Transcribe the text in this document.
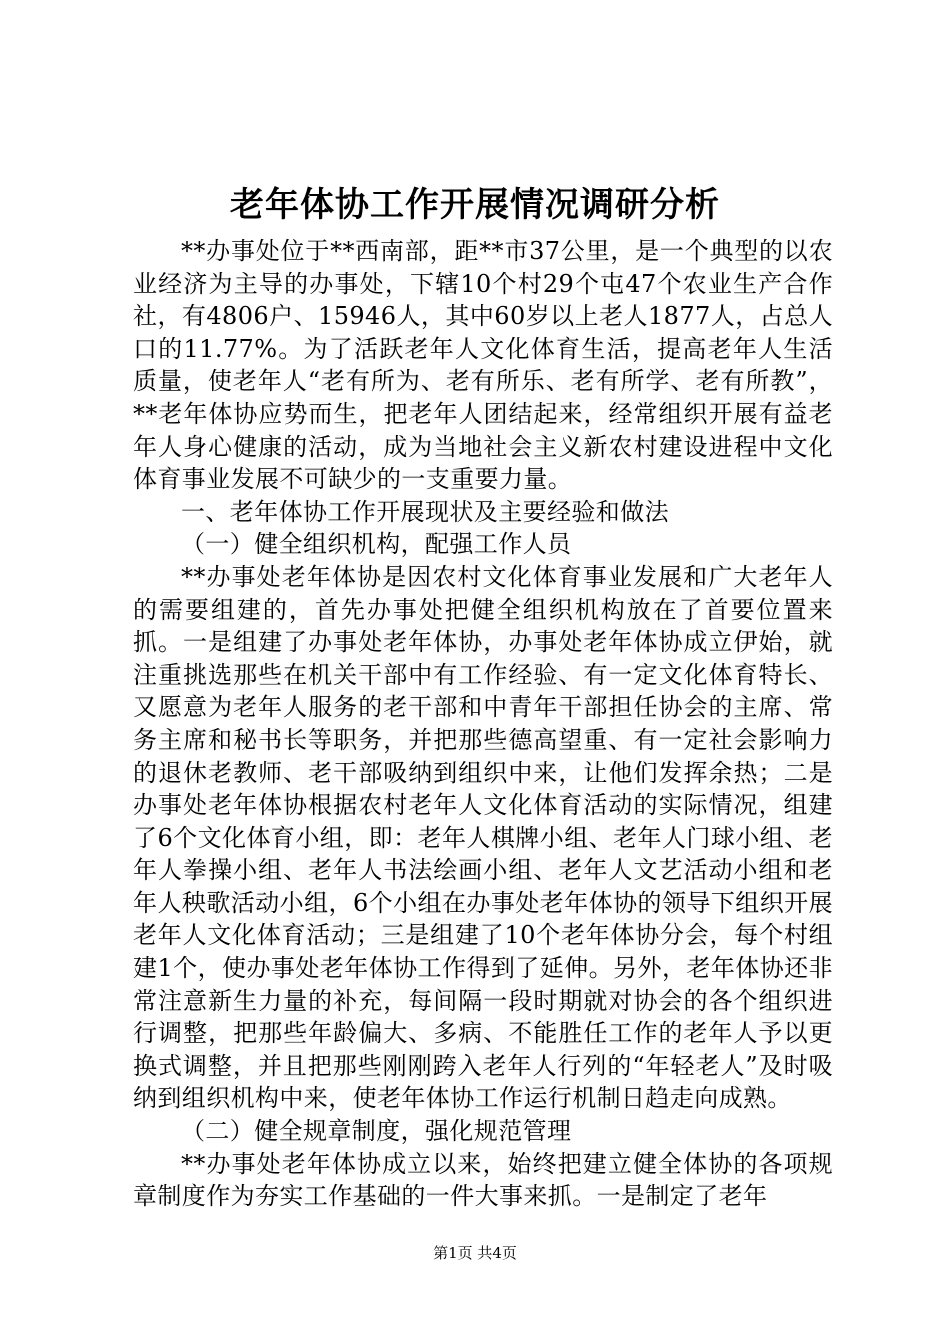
老年体协工作开展情况调研分析

**办事处位于**西南部，距**市37公里，是一个典型的以农业经济为主导的办事处，下辖10个村29个屯47个农业生产合作社，有4806户、15946人，其中60岁以上老人1877人，占总人口的11.77%。为了活跃老年人文化体育生活，提高老年人生活质量，使老年人“老有所为、老有所乐、老有所学、老有所教”，**老年体协应势而生，把老年人团结起来，经常组织开展有益老年人身心健康的活动，成为当地社会主义新农村建设进程中文化体育事业发展不可缺少的一支重要力量。

一、老年体协工作开展现状及主要经验和做法

（一）健全组织机构，配强工作人员

**办事处老年体协是因农村文化体育事业发展和广大老年人的需要组建的，首先办事处把健全组织机构放在了首要位置来抓。一是组建了办事处老年体协，办事处老年体协成立伊始，就注重挑选那些在机关干部中有工作经验、有一定文化体育特长、又愿意为老年人服务的老干部和中青年干部担任协会的主席、常务主席和秘书长等职务，并把那些德高望重、有一定社会影响力的退休老教师、老干部吸纳到组织中来，让他们发挥余热；二是办事处老年体协根据农村老年人文化体育活动的实际情况，组建了6个文化体育小组，即：老年人棋牌小组、老年人门球小组、老年人拳操小组、老年人书法绘画小组、老年人文艺活动小组和老年人秧歌活动小组，6个小组在办事处老年体协的领导下组织开展老年人文化体育活动；三是组建了10个老年体协分会，每个村组建1个，使办事处老年体协工作得到了延伸。另外，老年体协还非常注意新生力量的补充，每间隔一段时期就对协会的各个组织进行调整，把那些年龄偏大、多病、不能胜任工作的老年人予以更换式调整，并且把那些刚刚跨入老年人行列的“年轻老人”及时吸纳到组织机构中来，使老年体协工作运行机制日趋走向成熟。

（二）健全规章制度，强化规范管理

**办事处老年体协成立以来，始终把建立健全体协的各项规章制度作为夯实工作基础的一件大事来抓。一是制定了老年

第1页 共4页
